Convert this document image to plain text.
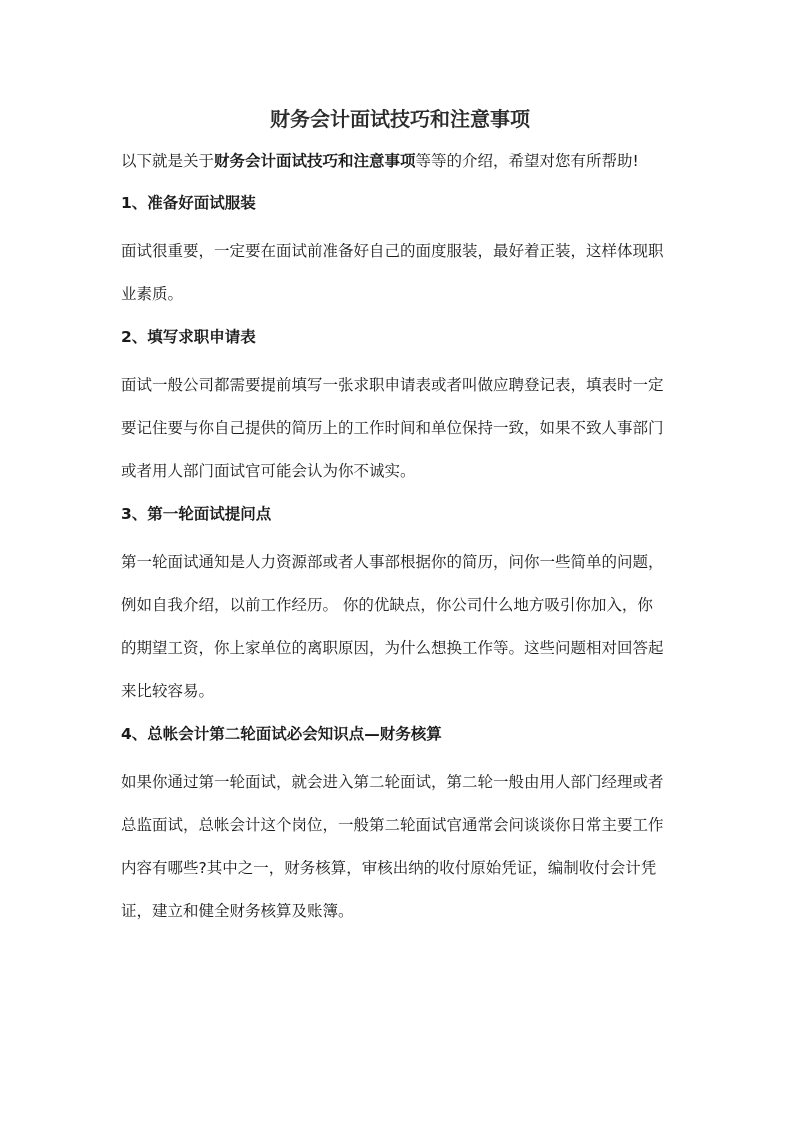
财务会计面试技巧和注意事项

以下就是关于财务会计面试技巧和注意事项等等的介绍，希望对您有所帮助!

1、准备好面试服装
面试很重要，一定要在面试前准备好自己的面度服装，最好着正装，这样体现职
业素质。
2、填写求职申请表
面试一般公司都需要提前填写一张求职申请表或者叫做应聘登记表，填表时一定
要记住要与你自己提供的简历上的工作时间和单位保持一致，如果不致人事部门
或者用人部门面试官可能会认为你不诚实。
3、第一轮面试提问点
第一轮面试通知是人力资源部或者人事部根据你的简历，问你一些简单的问题，
例如自我介绍，以前工作经历。 你的优缺点，你公司什么地方吸引你加入，你
的期望工资，你上家单位的离职原因，为什么想换工作等。这些问题相对回答起
来比较容易。
4、总帐会计第二轮面试必会知识点—财务核算
如果你通过第一轮面试，就会进入第二轮面试，第二轮一般由用人部门经理或者
总监面试，总帐会计这个岗位，一般第二轮面试官通常会问谈谈你日常主要工作
内容有哪些?其中之一，财务核算，审核出纳的收付原始凭证，编制收付会计凭
证，建立和健全财务核算及账簿。
